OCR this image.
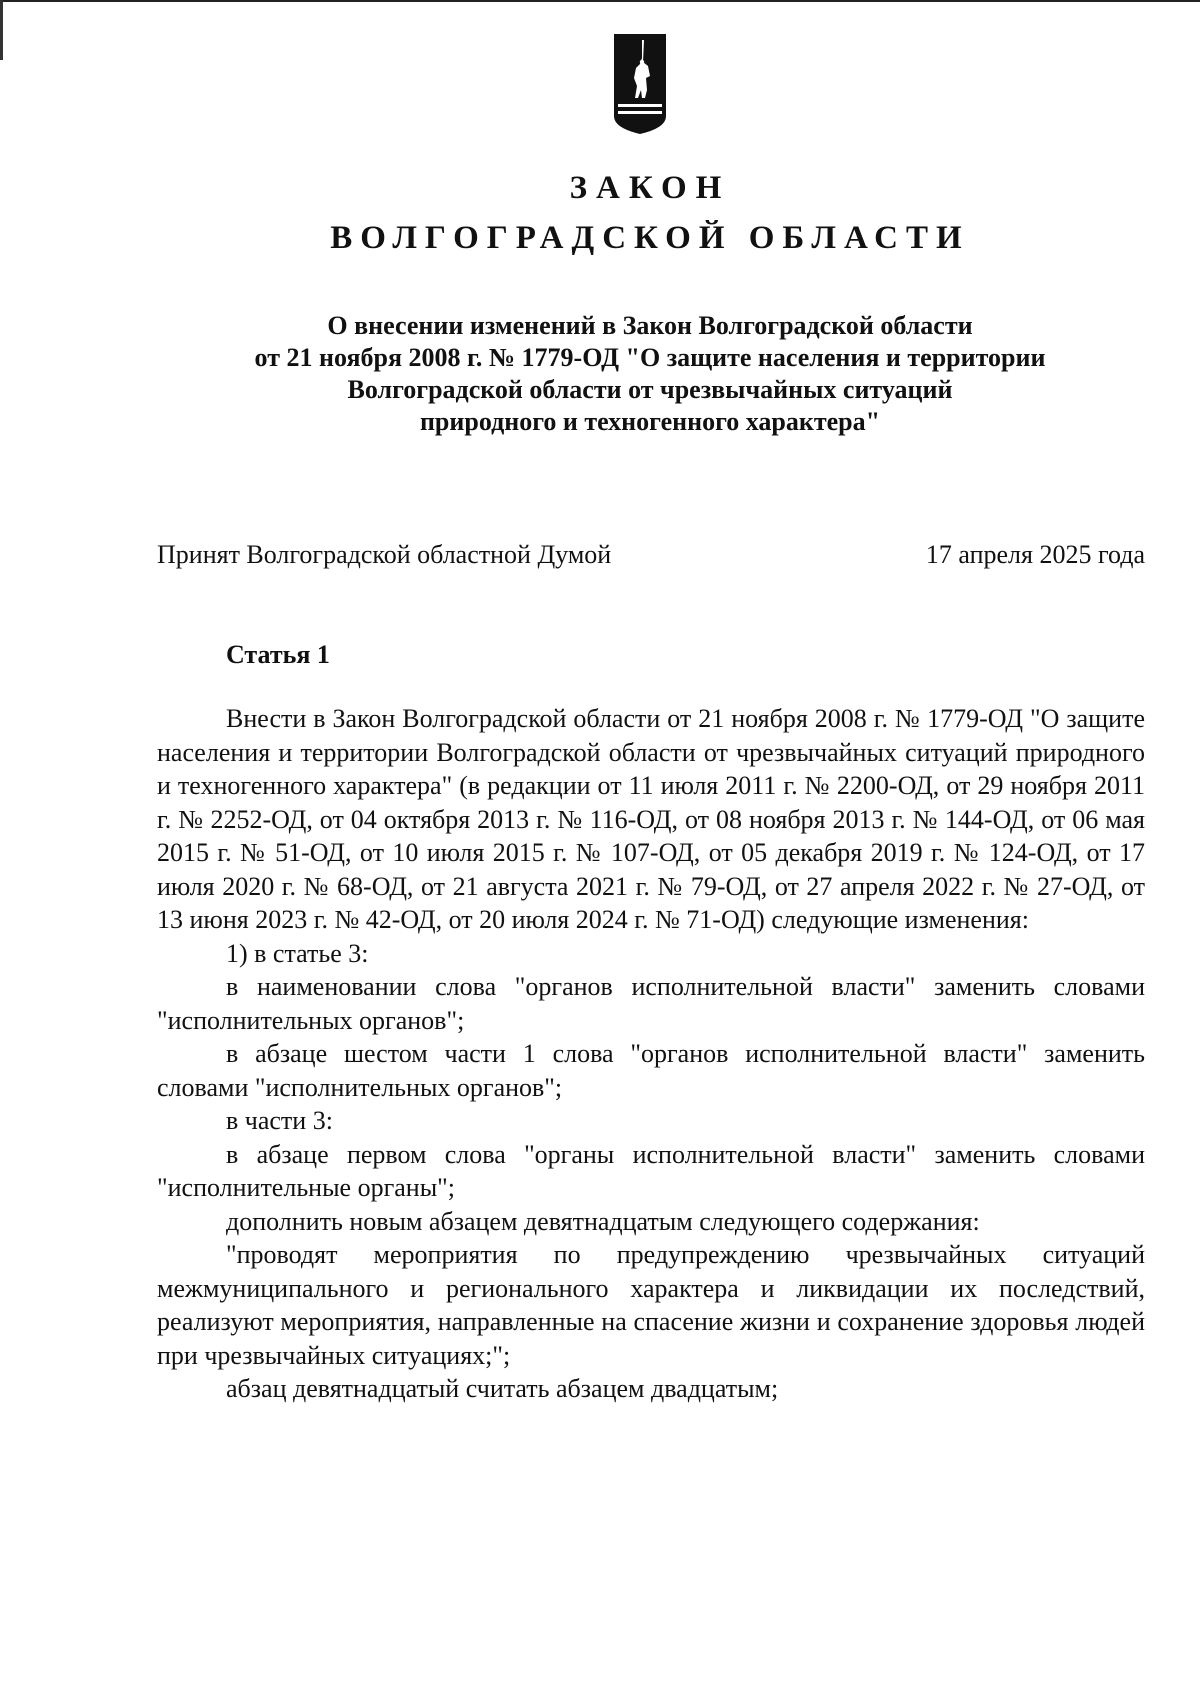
ЗАКОН
ВОЛГОГРАДСКОЙ ОБЛАСТИ
О внесении изменений в Закон Волгоградской области
от 21 ноября 2008 г. № 1779-ОД "О защите населения и территории
Волгоградской области от чрезвычайных ситуаций
природного и техногенного характера"
Принят Волгоградской областной Думой	17 апреля 2025 года
Статья 1

Внести в Закон Волгоградской области от 21 ноября 2008 г. № 1779-ОД "О защите населения и территории Волгоградской области от чрезвычайных ситуаций природного и техногенного характера" (в редакции от 11 июля 2011 г. № 2200-ОД, от 29 ноября 2011 г. № 2252-ОД, от 04 октября 2013 г. № 116-ОД, от 08 ноября 2013 г. № 144-ОД, от 06 мая 2015 г. № 51-ОД, от 10 июля 2015 г. № 107-ОД, от 05 декабря 2019 г. № 124-ОД, от 17 июля 2020 г. № 68-ОД, от 21 августа 2021 г. № 79-ОД, от 27 апреля 2022 г. № 27-ОД, от 13 июня 2023 г. № 42-ОД, от 20 июля 2024 г. № 71-ОД) следующие изменения:

1) в статье 3:

в наименовании слова "органов исполнительной власти" заменить словами "исполнительных органов";

в абзаце шестом части 1 слова "органов исполнительной власти" заменить словами "исполнительных органов";

в части 3:

в абзаце первом слова "органы исполнительной власти" заменить словами "исполнительные органы";

дополнить новым абзацем девятнадцатым следующего содержания:

"проводят мероприятия по предупреждению чрезвычайных ситуаций межмуниципального и регионального характера и ликвидации их последствий, реализуют мероприятия, направленные на спасение жизни и сохранение здоровья людей при чрезвычайных ситуациях;";

абзац девятнадцатый считать абзацем двадцатым;
